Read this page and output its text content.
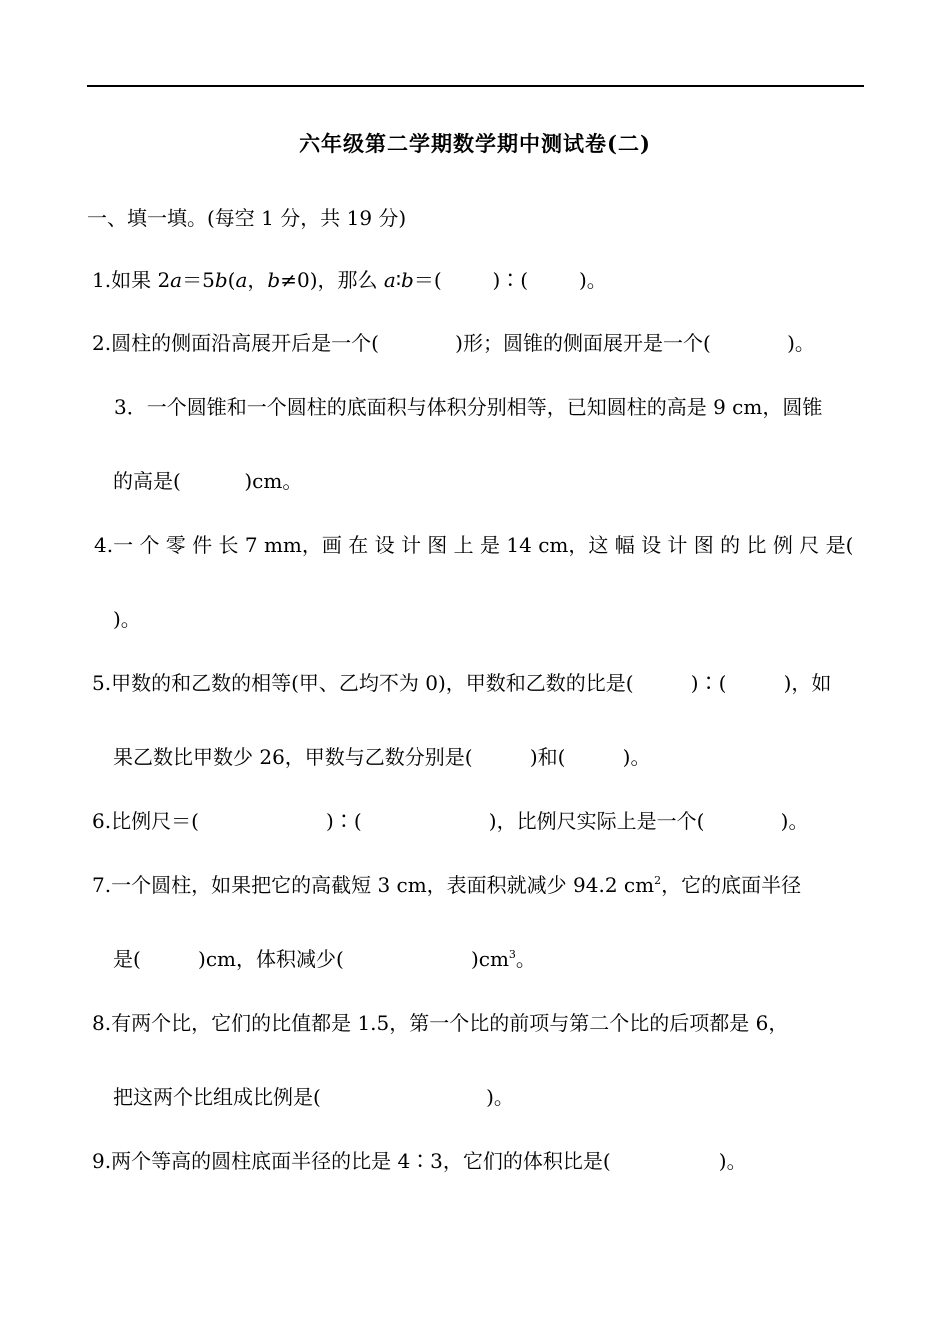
六年级第二学期数学期中测试卷(二)
一、填一填。(每空 1 分，共 19 分)
1.如果 2a＝5b(a，b≠0)，那么 a∶b＝(        )∶(        )。
2.圆柱的侧面沿高展开后是一个(            )形；圆锥的侧面展开是一个(            )。
3．一个圆锥和一个圆柱的底面积与体积分别相等，已知圆柱的高是 9 cm，圆锥
的高是(          )cm。
4.一 个 零 件 长 7 mm，画 在 设 计 图 上 是 14 cm，这 幅 设 计 图 的 比 例 尺 是(
)。
5.甲数的和乙数的相等(甲、乙均不为 0)，甲数和乙数的比是(         )∶(         )，如
果乙数比甲数少 26，甲数与乙数分别是(         )和(         )。
6.比例尺＝(                    )∶(                    )，比例尺实际上是一个(            )。
7.一个圆柱，如果把它的高截短 3 cm，表面积就减少 94.2 $cm^2$，它的底面半径
是(         )cm，体积减少(                    )$cm^3$。
8.有两个比，它们的比值都是 1.5，第一个比的前项与第二个比的后项都是 6，
把这两个比组成比例是(                          )。
9.两个等高的圆柱底面半径的比是 4∶3，它们的体积比是(                 )。
